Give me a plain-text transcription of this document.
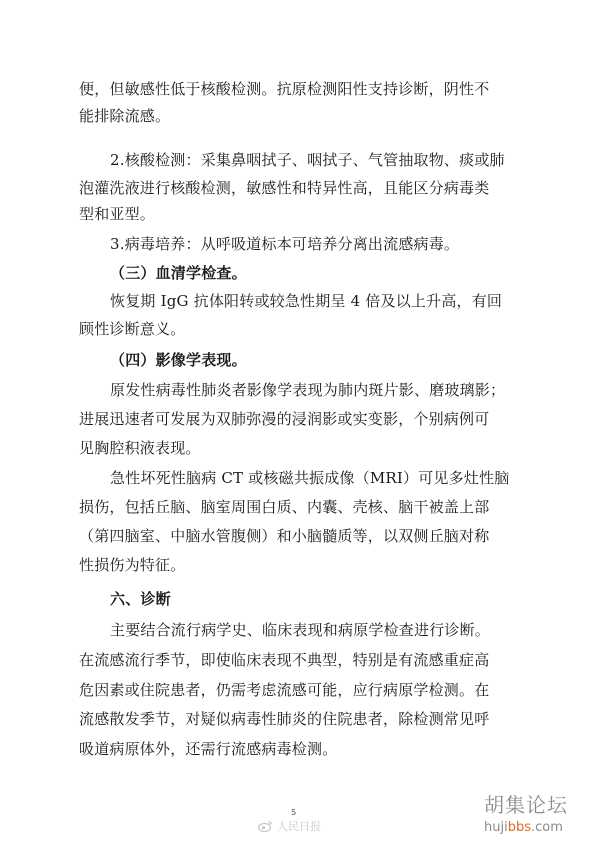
便，但敏感性低于核酸检测。抗原检测阳性支持诊断，阴性不
能排除流感。
2.核酸检测：采集鼻咽拭子、咽拭子、气管抽取物、痰或肺
泡灌洗液进行核酸检测，敏感性和特异性高，且能区分病毒类
型和亚型。
3.病毒培养：从呼吸道标本可培养分离出流感病毒。
（三）血清学检查。
恢复期 IgG 抗体阳转或较急性期呈 4 倍及以上升高，有回
顾性诊断意义。
（四）影像学表现。
原发性病毒性肺炎者影像学表现为肺内斑片影、磨玻璃影；
进展迅速者可发展为双肺弥漫的浸润影或实变影，个别病例可
见胸腔积液表现。
急性坏死性脑病 CT 或核磁共振成像（MRI）可见多灶性脑
损伤，包括丘脑、脑室周围白质、内囊、壳核、脑干被盖上部
（第四脑室、中脑水管腹侧）和小脑髓质等，以双侧丘脑对称
性损伤为特征。
六、诊断
主要结合流行病学史、临床表现和病原学检查进行诊断。
在流感流行季节，即使临床表现不典型，特别是有流感重症高
危因素或住院患者，仍需考虑流感可能，应行病原学检测。在
流感散发季节，对疑似病毒性肺炎的住院患者，除检测常见呼
吸道病原体外，还需行流感病毒检测。
5
人民日报
胡集论坛
hujibbs.com
